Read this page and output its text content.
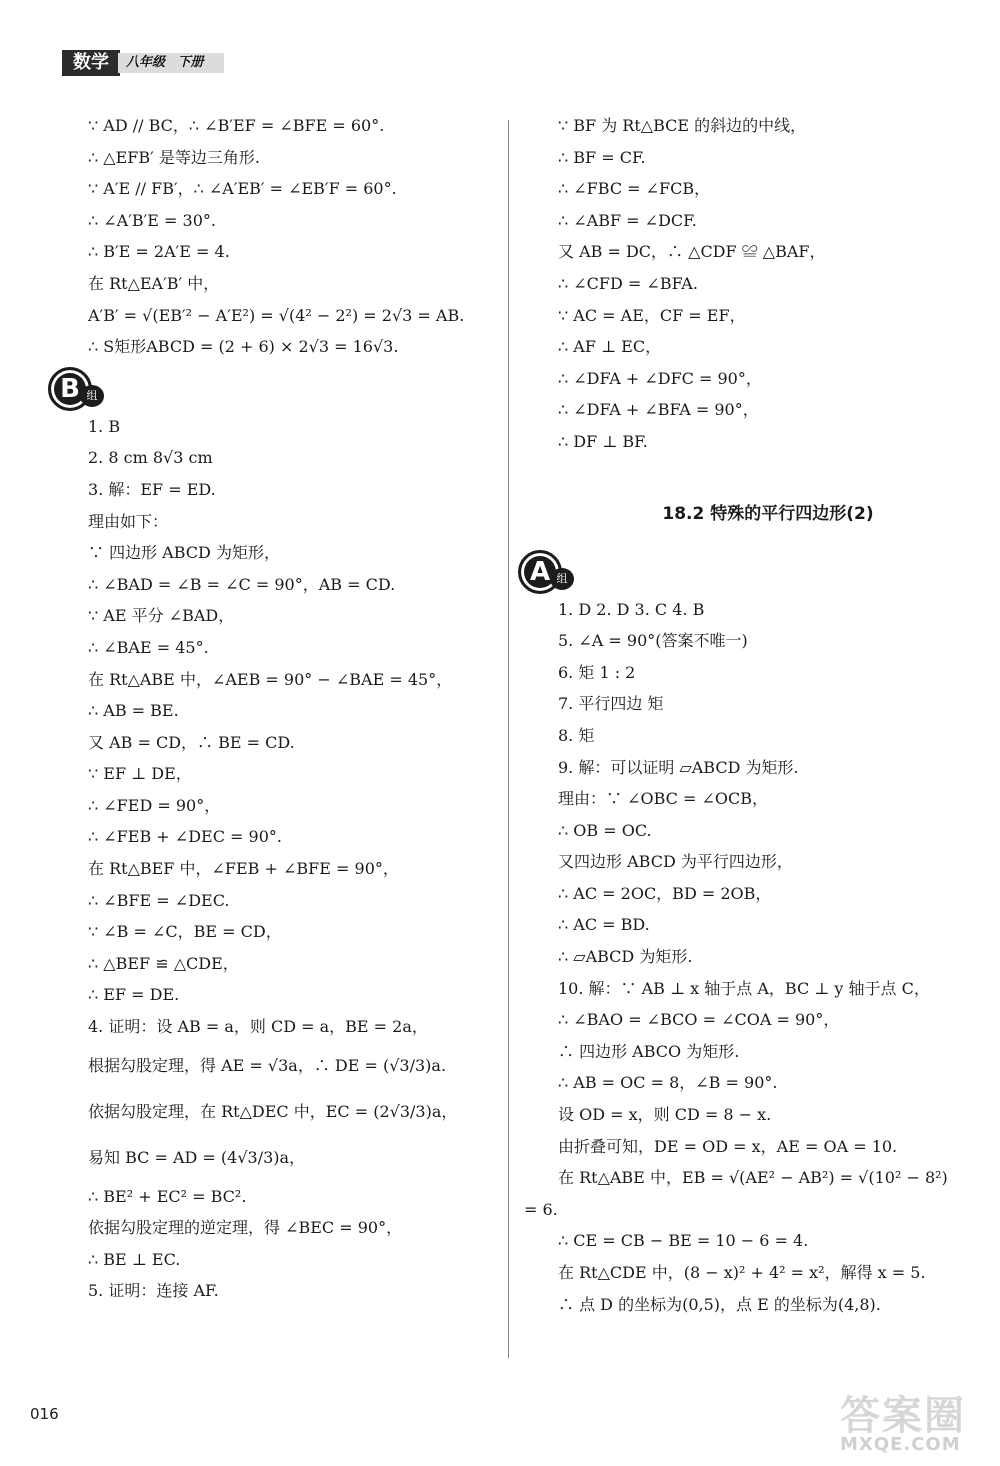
数学	八年级 下册
∵ AD // BC，∴ ∠B′EF = ∠BFE = 60°.
∴ △EFB′ 是等边三角形.
∵ A′E // FB′，∴ ∠A′EB′ = ∠EB′F = 60°.
∴ ∠A′B′E = 30°.
∴ B′E = 2A′E = 4.
在 Rt△EA′B′ 中，
A′B′ = √(EB′² − A′E²) = √(4² − 2²) = 2√3 = AB.
∴ S矩形ABCD = (2 + 6) × 2√3 = 16√3.
B 组
1. B
2. 8 cm 8√3 cm
3. 解：EF = ED.
理由如下：
∵ 四边形 ABCD 为矩形，
∴ ∠BAD = ∠B = ∠C = 90°，AB = CD.
∵ AE 平分 ∠BAD，
∴ ∠BAE = 45°.
在 Rt△ABE 中，∠AEB = 90° − ∠BAE = 45°，
∴ AB = BE.
又 AB = CD，∴ BE = CD.
∵ EF ⊥ DE，
∴ ∠FED = 90°，
∴ ∠FEB + ∠DEC = 90°.
在 Rt△BEF 中，∠FEB + ∠BFE = 90°，
∴ ∠BFE = ∠DEC.
∵ ∠B = ∠C，BE = CD，
∴ △BEF ≌ △CDE，
∴ EF = DE.
4. 证明：设 AB = a，则 CD = a，BE = 2a，
根据勾股定理，得 AE = √3a，∴ DE = (√3/3)a.
依据勾股定理，在 Rt△DEC 中，EC = (2√3/3)a，
易知 BC = AD = (4√3/3)a，
∴ BE² + EC² = BC².
依据勾股定理的逆定理，得 ∠BEC = 90°，
∴ BE ⊥ EC.
5. 证明：连接 AF.
∵ BF 为 Rt△BCE 的斜边的中线，
∴ BF = CF.
∴ ∠FBC = ∠FCB，
∴ ∠ABF = ∠DCF.
又 AB = DC，∴ △CDF ≌ △BAF，
∴ ∠CFD = ∠BFA.
∵ AC = AE，CF = EF，
∴ AF ⊥ EC，
∴ ∠DFA + ∠DFC = 90°，
∴ ∠DFA + ∠BFA = 90°，
∴ DF ⊥ BF.
18.2 特殊的平行四边形(2)
A 组
1. D 2. D 3. C 4. B
5. ∠A = 90°(答案不唯一)
6. 矩 1 : 2
7. 平行四边 矩
8. 矩
9. 解：可以证明 ▱ABCD 为矩形.
理由：∵ ∠OBC = ∠OCB，
∴ OB = OC.
又四边形 ABCD 为平行四边形，
∴ AC = 2OC，BD = 2OB，
∴ AC = BD.
∴ ▱ABCD 为矩形.
10. 解：∵ AB ⊥ x 轴于点 A，BC ⊥ y 轴于点 C，
∴ ∠BAO = ∠BCO = ∠COA = 90°，
∴ 四边形 ABCO 为矩形.
∴ AB = OC = 8，∠B = 90°.
设 OD = x，则 CD = 8 − x.
由折叠可知，DE = OD = x，AE = OA = 10.
在 Rt△ABE 中，EB = √(AE² − AB²) = √(10² − 8²)
= 6.
∴ CE = CB − BE = 10 − 6 = 4.
在 Rt△CDE 中，(8 − x)² + 4² = x²，解得 x = 5.
∴ 点 D 的坐标为(0,5)，点 E 的坐标为(4,8).
016	答案圈
MXQE.COM
